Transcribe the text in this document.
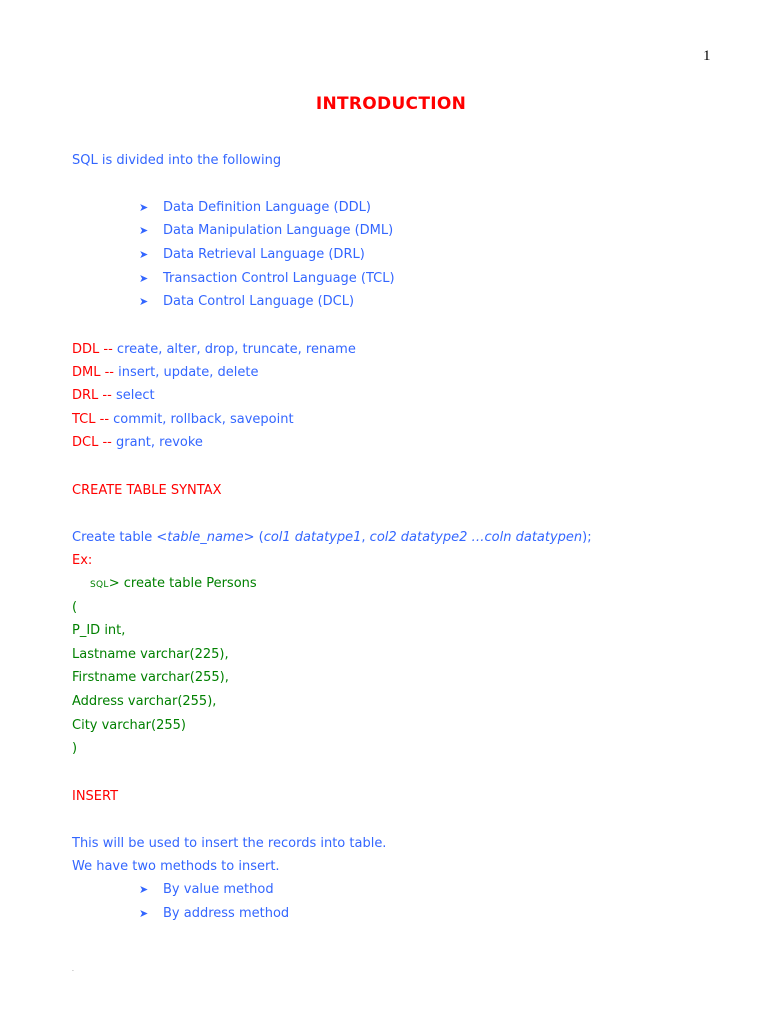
1
INTRODUCTION
SQL is divided into the following
➤ Data Definition Language (DDL)
➤ Data Manipulation Language (DML)
➤ Data Retrieval Language (DRL)
➤ Transaction Control Language (TCL)
➤ Data Control Language (DCL)
DDL -- create, alter, drop, truncate, rename
DML -- insert, update, delete
DRL -- select
TCL -- commit, rollback, savepoint
DCL -- grant, revoke
CREATE TABLE SYNTAX
Create table <table_name> (col1 datatype1, col2 datatype2 …coln datatypen);
Ex:
SQL> create table Persons
(
P_ID int,
Lastname varchar(225),
Firstname varchar(255),
Address varchar(255),
City varchar(255)
)
INSERT
This will be used to insert the records into table.
We have two methods to insert.
➤ By value method
➤ By address method
.
